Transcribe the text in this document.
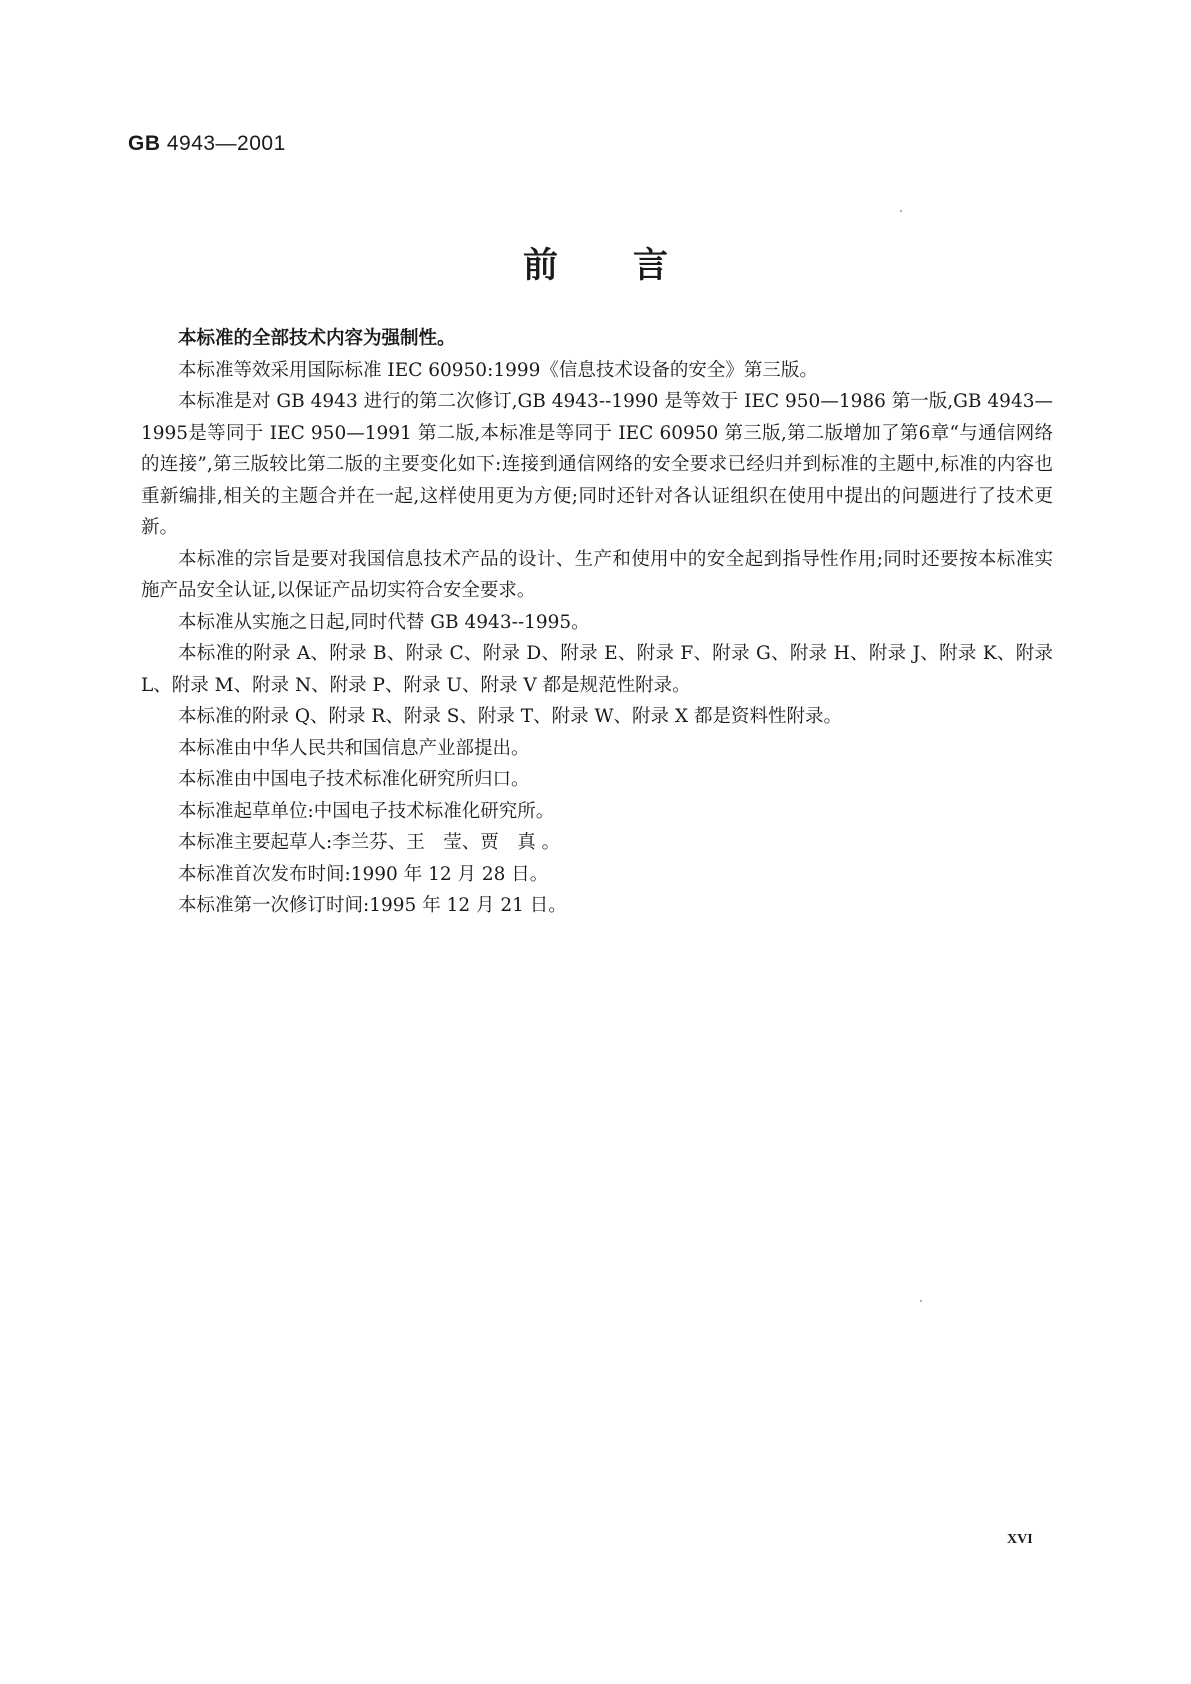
GB 4943—2001
前言

本标准的全部技术内容为强制性。

本标准等效采用国际标准 IEC 60950:1999《信息技术设备的安全》第三版。

本标准是对 GB 4943 进行的第二次修订,GB 4943--1990 是等效于 IEC 950—1986 第一版,GB 4943—1995是等同于 IEC 950—1991 第二版,本标准是等同于 IEC 60950 第三版,第二版增加了第6章“与通信网络的连接”,第三版较比第二版的主要变化如下:连接到通信网络的安全要求已经归并到标准的主题中,标准的内容也重新编排,相关的主题合并在一起,这样使用更为方便;同时还针对各认证组织在使用中提出的问题进行了技术更新。

本标准的宗旨是要对我国信息技术产品的设计、生产和使用中的安全起到指导性作用;同时还要按本标准实施产品安全认证,以保证产品切实符合安全要求。

本标准从实施之日起,同时代替 GB 4943--1995。

本标准的附录 A、附录 B、附录 C、附录 D、附录 E、附录 F、附录 G、附录 H、附录 J、附录 K、附录 L、附录 M、附录 N、附录 P、附录 U、附录 V 都是规范性附录。

本标准的附录 Q、附录 R、附录 S、附录 T、附录 W、附录 X 都是资料性附录。

本标准由中华人民共和国信息产业部提出。

本标准由中国电子技术标准化研究所归口。

本标准起草单位:中国电子技术标准化研究所。

本标准主要起草人:李兰芬、王　莹、贾　真 。

本标准首次发布时间:1990 年 12 月 28 日。

本标准第一次修订时间:1995 年 12 月 21 日。

XVI
